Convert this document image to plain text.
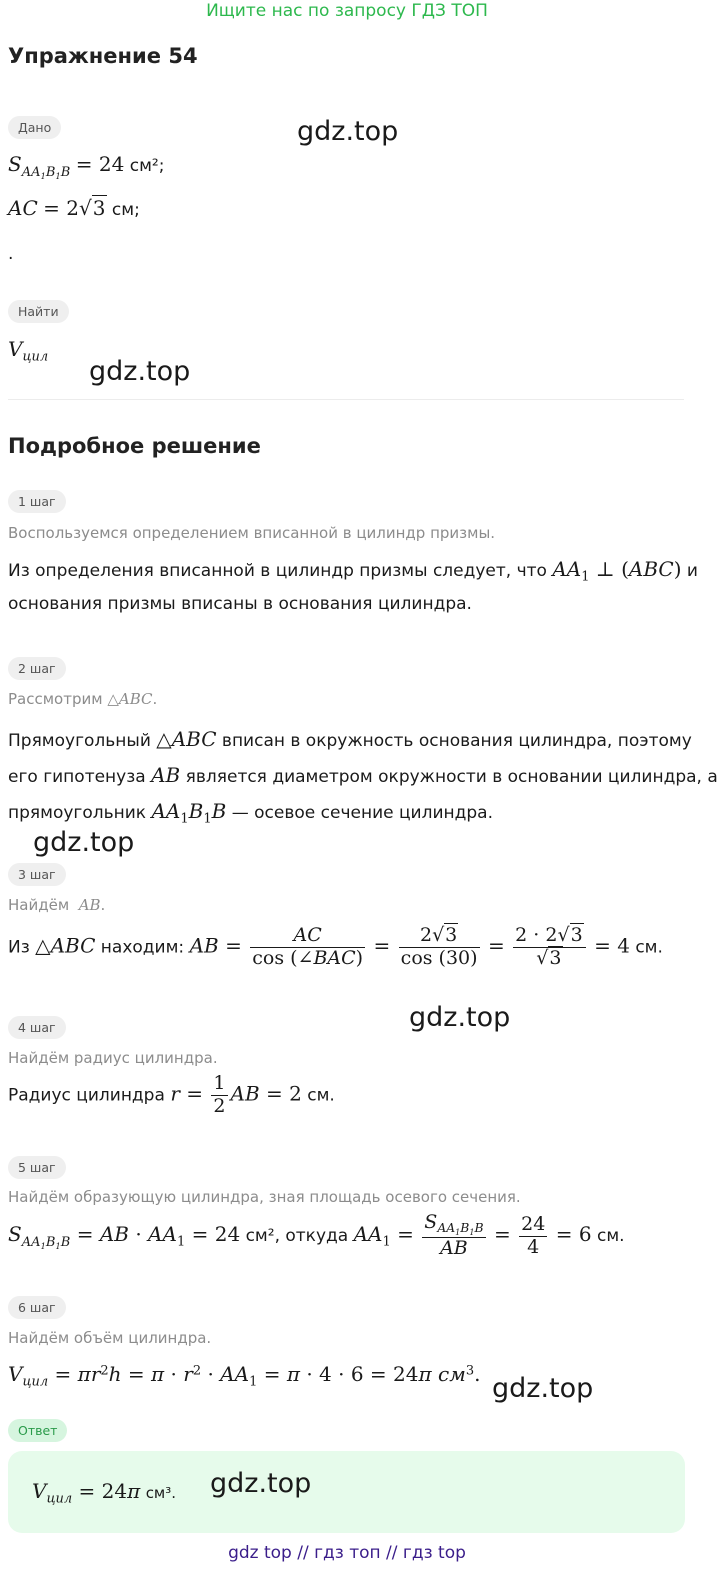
Ищите нас по запросу ГДЗ ТОП
Упражнение 54
Дано
$S_{AA_1B_1B} = 24$ см²;
AC = 2√3 см;
.
Найти
$V_{цил}$
gdz.top
gdz.top
Подробное решение
1 шаг
Воспользуемся определением вписанной в цилиндр призмы.
Из определения вписанной в цилиндр призмы следует, что $AA_1$ ⊥ (ABC) и
основания призмы вписаны в основания цилиндра.
2 шаг
Рассмотрим △ABC.
Прямоугольный △ABC вписан в окружность основания цилиндра, поэтому
его гипотенуза AB является диаметром окружности в основании цилиндра, а
прямоугольник $AA_1B_1B$ — осевое сечение цилиндра.
gdz.top
3 шаг
Найдём AB.
Из △ABC находим: AB = $\frac{AC}{\text{cos (∠BAC)}} = \frac{2√3}{\cos (30)} = \frac{2 \cdot 2√3}{√3} = 4$ см.
gdz.top
4 шаг
Найдём радиус цилиндра.
Радиус цилиндра $r = \frac{1}{2}$ AB = 2 см.
5 шаг
Найдём образующую цилиндра, зная площадь осевого сечения.
$S_{AA_1B_1B}$ = AB · $AA_1 = 24$ см², откуда $AA_1 = \frac{S_{AA_1B_1B}}{AB} = \frac{24}{4} = 6$ см.
6 шаг
Найдём объём цилиндра.
$V_{цил} = \pi r^2h = \pi \cdot r^2 \cdot AA_1 = \pi \cdot 4 \cdot 6 = 24\pi$ $см^3$. gdz.top
Ответ
$V_{цил} = 24\pi$ см³. gdz.top
gdz top // гдз топ // гдз top
